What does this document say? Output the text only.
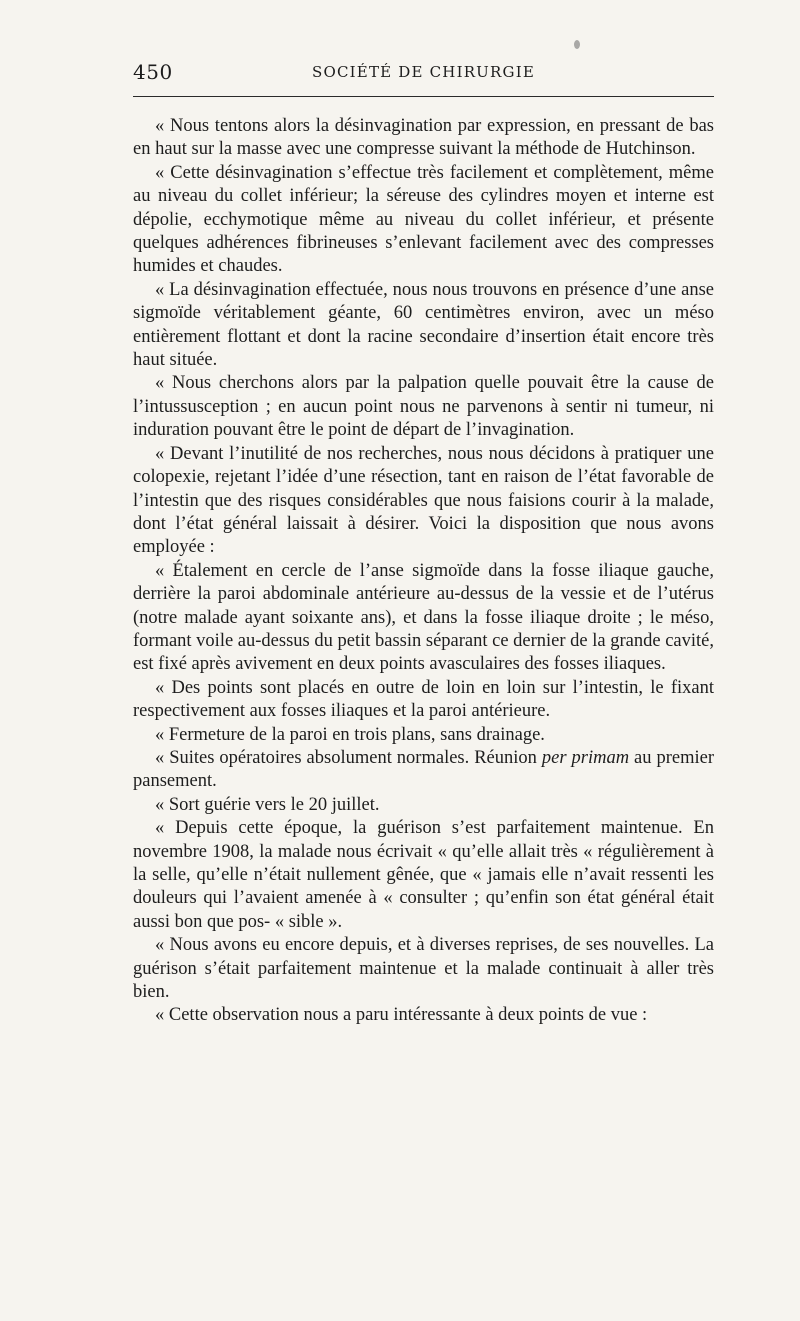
450	SOCIÉTÉ DE CHIRURGIE

« Nous tentons alors la désinvagination par expression, en pressant de bas en haut sur la masse avec une compresse suivant la méthode de Hutchinson.

« Cette désinvagination s’effectue très facilement et complètement, même au niveau du collet inférieur; la séreuse des cylindres moyen et interne est dépolie, ecchymotique même au niveau du collet inférieur, et présente quelques adhérences fibrineuses s’enlevant facilement avec des compresses humides et chaudes.

« La désinvagination effectuée, nous nous trouvons en présence d’une anse sigmoïde véritablement géante, 60 centimètres environ, avec un méso entièrement flottant et dont la racine secondaire d’insertion était encore très haut située.

« Nous cherchons alors par la palpation quelle pouvait être la cause de l’intussusception ; en aucun point nous ne parvenons à sentir ni tumeur, ni induration pouvant être le point de départ de l’invagination.

« Devant l’inutilité de nos recherches, nous nous décidons à pratiquer une colopexie, rejetant l’idée d’une résection, tant en raison de l’état favorable de l’intestin que des risques considérables que nous faisions courir à la malade, dont l’état général laissait à désirer. Voici la disposition que nous avons employée :

« Étalement en cercle de l’anse sigmoïde dans la fosse iliaque gauche, derrière la paroi abdominale antérieure au-dessus de la vessie et de l’utérus (notre malade ayant soixante ans), et dans la fosse iliaque droite ; le méso, formant voile au-dessus du petit bassin séparant ce dernier de la grande cavité, est fixé après avivement en deux points avasculaires des fosses iliaques.

« Des points sont placés en outre de loin en loin sur l’intestin, le fixant respectivement aux fosses iliaques et la paroi antérieure.

« Fermeture de la paroi en trois plans, sans drainage.

« Suites opératoires absolument normales. Réunion per primam au premier pansement.

« Sort guérie vers le 20 juillet.

« Depuis cette époque, la guérison s’est parfaitement maintenue. En novembre 1908, la malade nous écrivait « qu’elle allait très « régulièrement à la selle, qu’elle n’était nullement gênée, que « jamais elle n’avait ressenti les douleurs qui l’avaient amenée à « consulter ; qu’enfin son état général était aussi bon que pos- « sible ».

« Nous avons eu encore depuis, et à diverses reprises, de ses nouvelles. La guérison s’était parfaitement maintenue et la malade continuait à aller très bien.

« Cette observation nous a paru intéressante à deux points de vue :
